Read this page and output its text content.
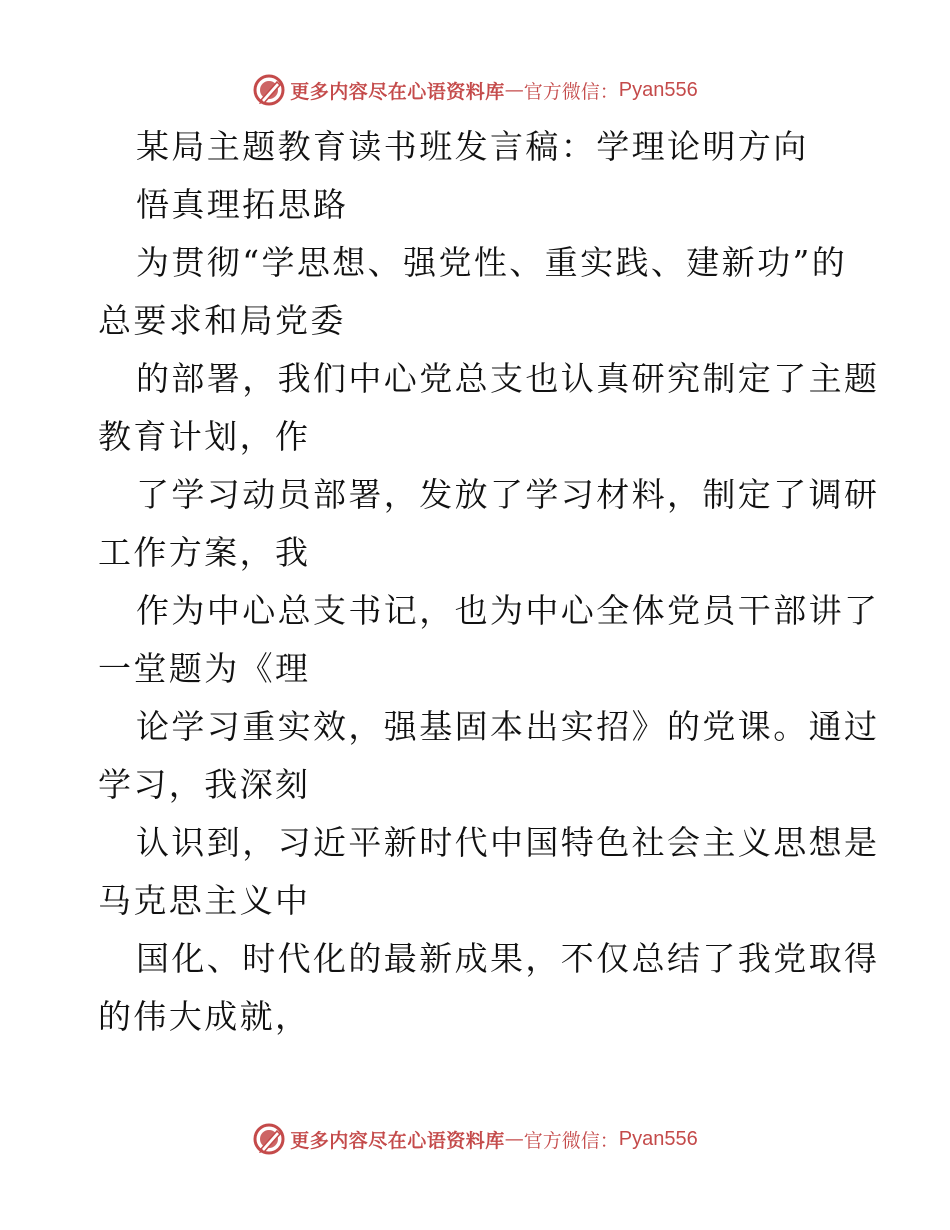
更多内容尽在心语资料库 — 官方微信： Pyan556
某局主题教育读书班发言稿：学理论明方向
悟真理拓思路
为贯彻“学思想、强党性、重实践、建新功”的
总要求和局党委
的部署，我们中心党总支也认真研究制定了主题
教育计划，作
了学习动员部署，发放了学习材料，制定了调研
工作方案，我
作为中心总支书记，也为中心全体党员干部讲了
一堂题为《理
论学习重实效，强基固本出实招》的党课。通过
学习，我深刻
认识到，习近平新时代中国特色社会主义思想是
马克思主义中
国化、时代化的最新成果，不仅总结了我党取得
的伟大成就，
更多内容尽在心语资料库 — 官方微信： Pyan556
